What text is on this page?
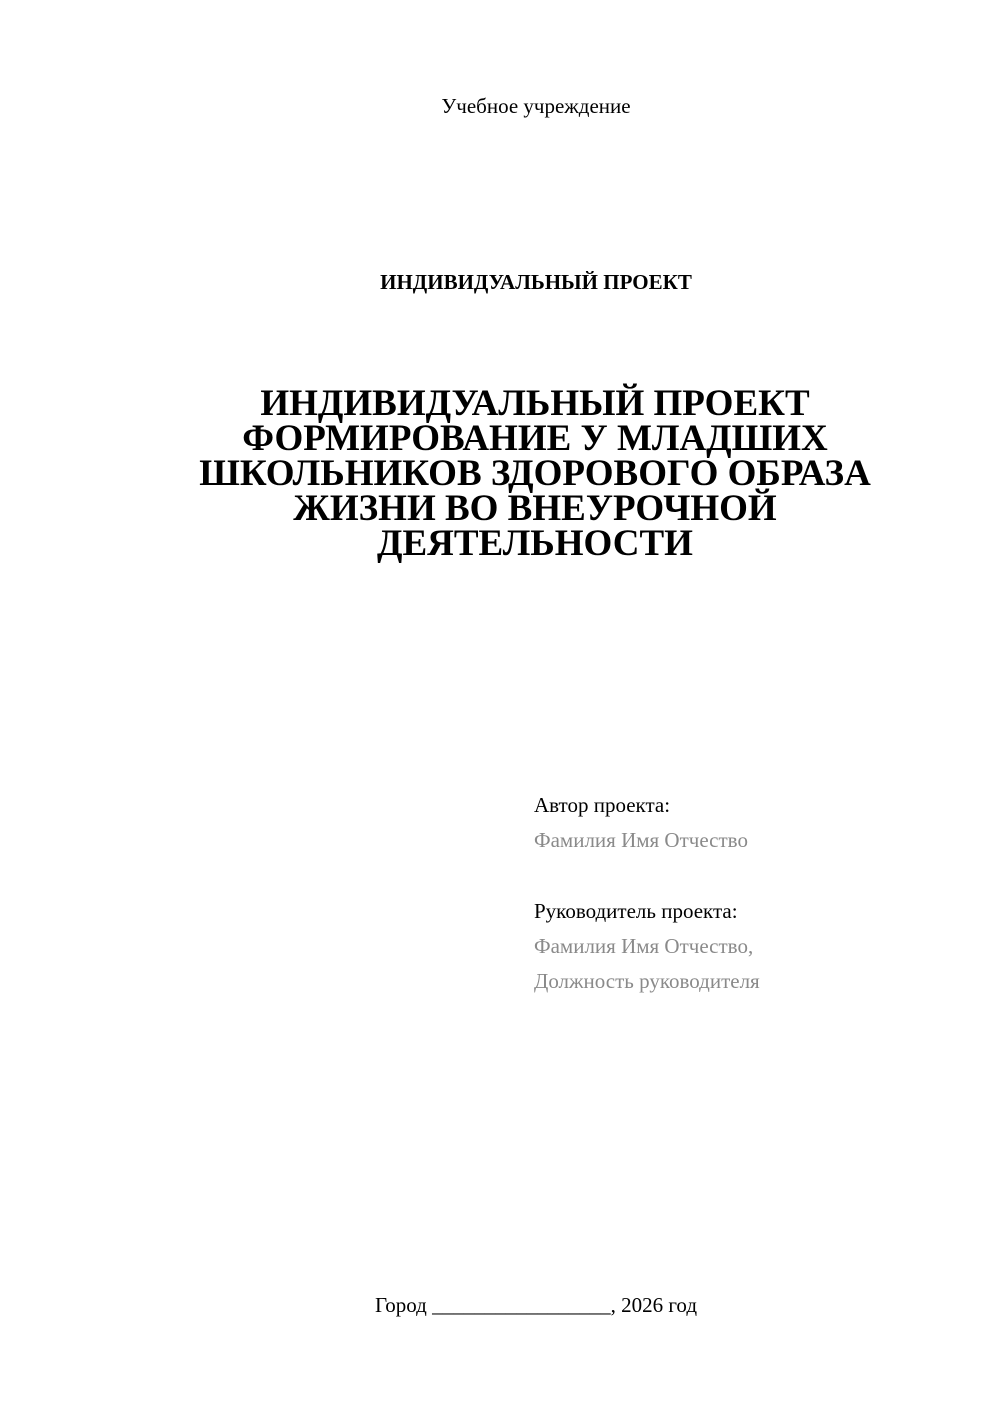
Учебное учреждение
ИНДИВИДУАЛЬНЫЙ ПРОЕКТ
ИНДИВИДУАЛЬНЫЙ ПРОЕКТ
ФОРМИРОВАНИЕ У МЛАДШИХ
ШКОЛЬНИКОВ ЗДОРОВОГО ОБРАЗА
ЖИЗНИ ВО ВНЕУРОЧНОЙ
ДЕЯТЕЛЬНОСТИ
Автор проекта:
Фамилия Имя Отчество
Руководитель проекта:
Фамилия Имя Отчество,
Должность руководителя
Город _________________, 2026 год
